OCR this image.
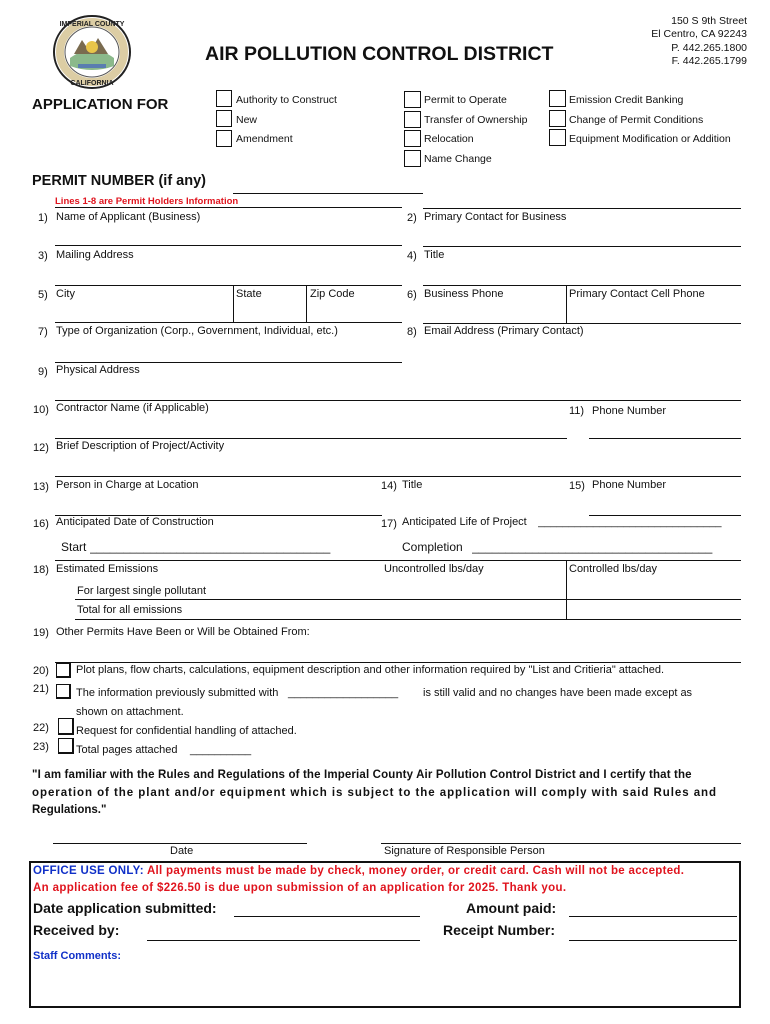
IMPERIAL COUNTY
CALIFORNIA
AIR POLLUTION CONTROL DISTRICT
150 S 9th Street
El Centro, CA 92243
P. 442.265.1800
F. 442.265.1799
APPLICATION FOR	Authority to Construct
New
Amendment
Permit to Operate
Transfer of Ownership
Relocation
Name Change
Emission Credit Banking
Change of Permit Conditions
Equipment Modification or Addition
PERMIT NUMBER (if any)
Lines 1-8 are Permit Holders Information
1) Name of Applicant (Business)	2) Primary Contact for Business
3) Mailing Address	4) Title
5) City	State	Zip Code	6) Business Phone	Primary Contact Cell Phone
7) Type of Organization (Corp., Government, Individual, etc.)	8) Email Address (Primary Contact)
9) Physical Address
10) Contractor Name (if Applicable)	11) Phone Number
12) Brief Description of Project/Activity
13) Person in Charge at Location	14) Title	15) Phone Number
16) Anticipated Date of Construction	17) Anticipated Life of Project ______________________________
Start ____________________________________	Completion ____________________________________
18) Estimated Emissions	Uncontrolled lbs/day	Controlled lbs/day
For largest single pollutant
Total for all emissions
19) Other Permits Have Been or Will be Obtained From:
20) Plot plans, flow charts, calculations, equipment description and other information required by "List and Critieria" attached.
21) The information previously submitted with __________________ is still valid and no changes have been made except as
shown on attachment.
22) Request for confidential handling of attached.
23) Total pages attached __________
"I am familiar with the Rules and Regulations of the Imperial County Air Pollution Control District and I certify that the
operation of the plant and/or equipment which is subject to the application will comply with said Rules and
Regulations."
Date	Signature of Responsible Person
OFFICE USE ONLY: All payments must be made by check, money order, or credit card. Cash will not be accepted.
An application fee of $226.50 is due upon submission of an application for 2025. Thank you.
Date application submitted:	Amount paid:
Received by:	Receipt Number:
Staff Comments:
